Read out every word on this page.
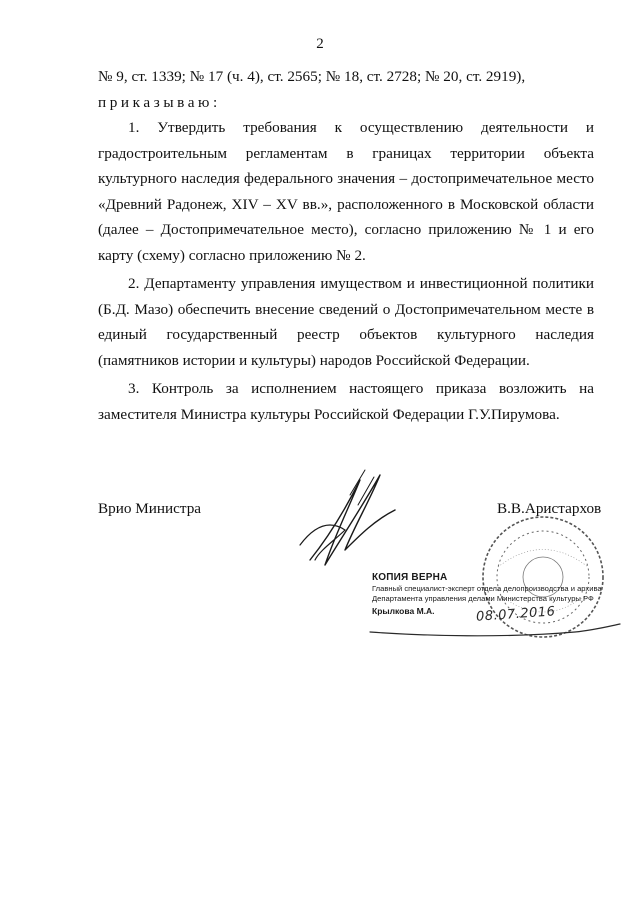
2

№ 9, ст. 1339; № 17 (ч. 4), ст. 2565; № 18, ст. 2728; № 20, ст. 2919),

приказываю:

1. Утвердить требования к осуществлению деятельности и градостроительным регламентам в границах территории объекта культурного наследия федерального значения – достопримечательное место «Древний Радонеж, XIV – XV вв.», расположенного в Московской области (далее – Достопримечательное место), согласно приложению № 1 и его карту (схему) согласно приложению № 2.

2. Департаменту управления имуществом и инвестиционной политики (Б.Д. Мазо) обеспечить внесение сведений о Достопримечательном месте в единый государственный реестр объектов культурного наследия (памятников истории и культуры) народов Российской Федерации.

3. Контроль за исполнением настоящего приказа возложить на заместителя Министра культуры Российской Федерации Г.У.Пирумова.

Врио Министра	В.В.Аристархов
КОПИЯ ВЕРНА
Главный специалист-эксперт отдела делопроизводства и архива
Департамента управления делами Министерства культуры РФ
Крылкова М.А.	08.07.2016
